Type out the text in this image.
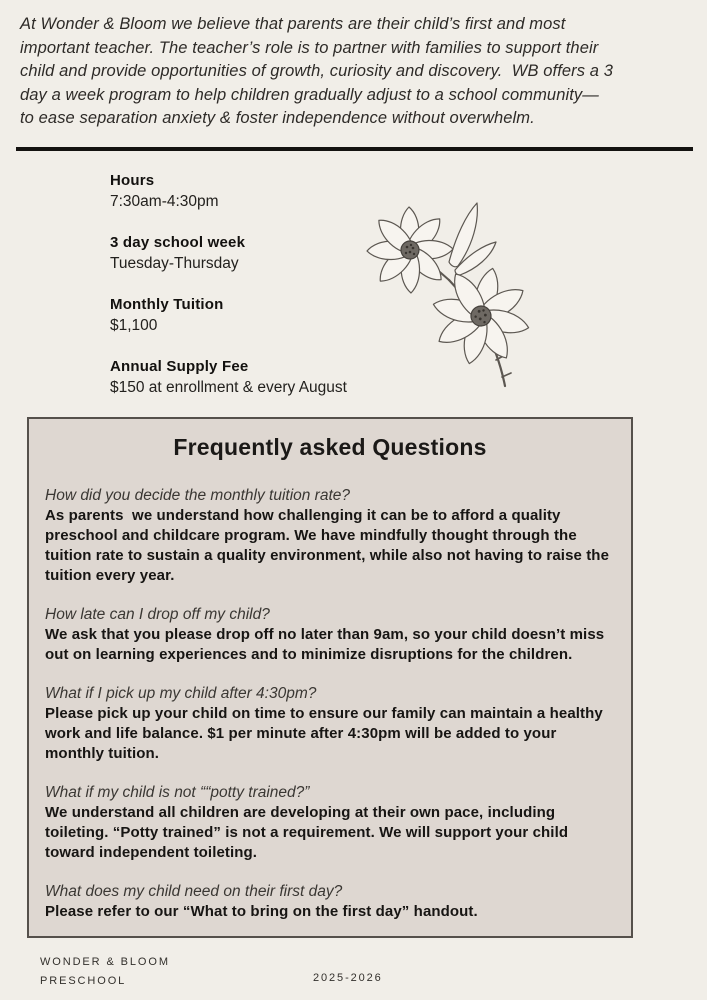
At Wonder & Bloom we believe that parents are their child’s first and most
important teacher. The teacher’s role is to partner with families to support their
child and provide opportunities of growth, curiosity and discovery.  WB offers a 3
day a week program to help children gradually adjust to a school community—
to ease separation anxiety & foster independence without overwhelm.
Hours
7:30am-4:30pm
3 day school week
Tuesday-Thursday
Monthly Tuition
$1,100
Annual Supply Fee
$150 at enrollment & every August
Frequently asked Questions
How did you decide the monthly tuition rate?
As parents  we understand how challenging it can be to afford a quality preschool and childcare program. We have mindfully thought through the tuition rate to sustain a quality environment, while also not having to raise the tuition every year.
How late can I drop off my child?
We ask that you please drop off no later than 9am, so your child doesn’t miss out on learning experiences and to minimize disruptions for the children.
What if I pick up my child after 4:30pm?
Please pick up your child on time to ensure our family can maintain a healthy work and life balance. $1 per minute after 4:30pm will be added to your monthly tuition.
What if my child is not ““potty trained?”
We understand all children are developing at their own pace, including toileting. “Potty trained” is not a requirement. We will support your child toward independent toileting.
What does my child need on their first day?
Please refer to our “What to bring on the first day” handout.
WONDER & BLOOM
PRESCHOOL	2025-2026
